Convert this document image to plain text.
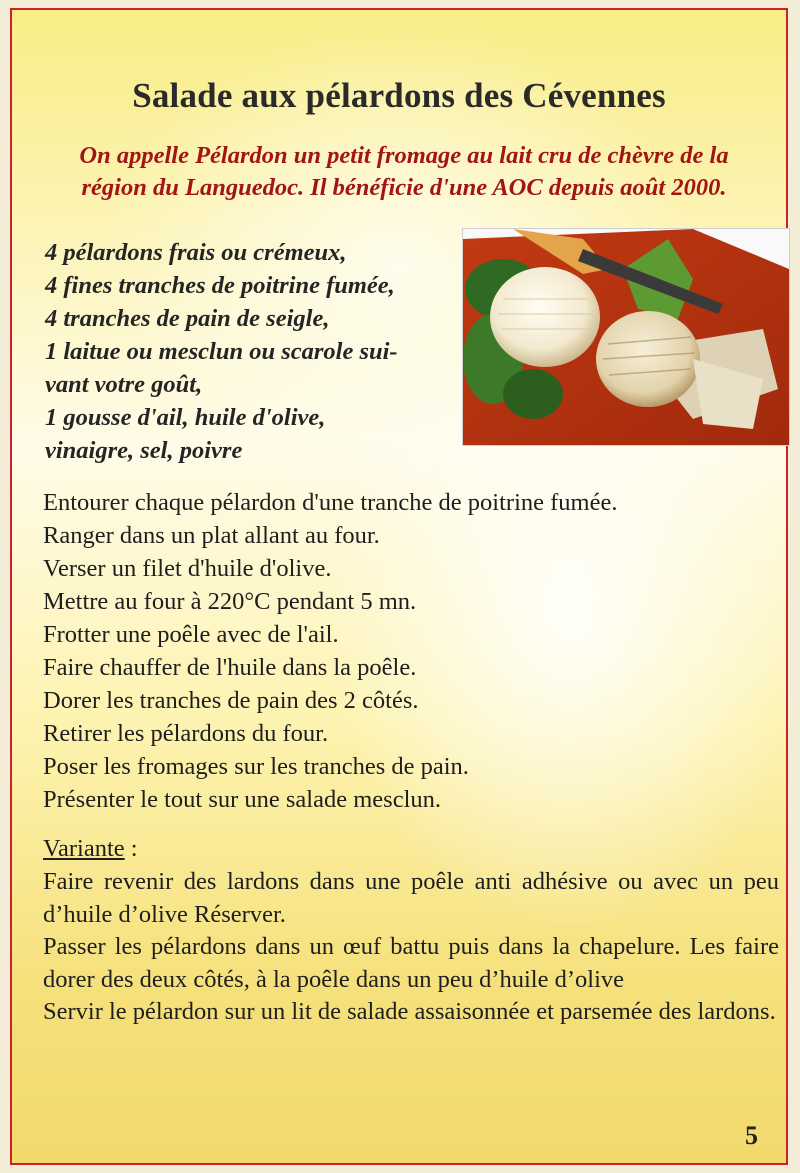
Salade aux pélardons des Cévennes
On appelle Pélardon un petit fromage au lait cru de chèvre de la
région du Languedoc. Il bénéficie d'une AOC depuis août 2000.
4 pélardons frais ou crémeux,
4 fines tranches de poitrine fumée,
4 tranches de pain de seigle,
1 laitue ou mesclun ou scarole sui-
vant votre goût,
1 gousse d'ail, huile d'olive,
vinaigre, sel, poivre
Entourer chaque pélardon d'une tranche de poitrine fumée.
Ranger dans un plat allant au four.
Verser un filet d'huile d'olive.
Mettre au four à 220°C pendant 5 mn.
Frotter une poêle avec de l'ail.
Faire chauffer de l'huile dans la poêle.
Dorer les tranches de pain des 2 côtés.
Retirer les pélardons du four.
Poser les fromages sur les tranches de pain.
Présenter le tout sur une salade mesclun.
Variante :

Faire revenir des lardons dans une poêle anti adhésive ou avec un peu d’huile d’olive Réserver.

Passer les pélardons dans un œuf battu puis dans la chapelure. Les faire dorer des deux côtés, à la poêle dans un peu d’huile d’olive

Servir le pélardon sur un lit de salade assaisonnée et parsemée des lardons.

5
